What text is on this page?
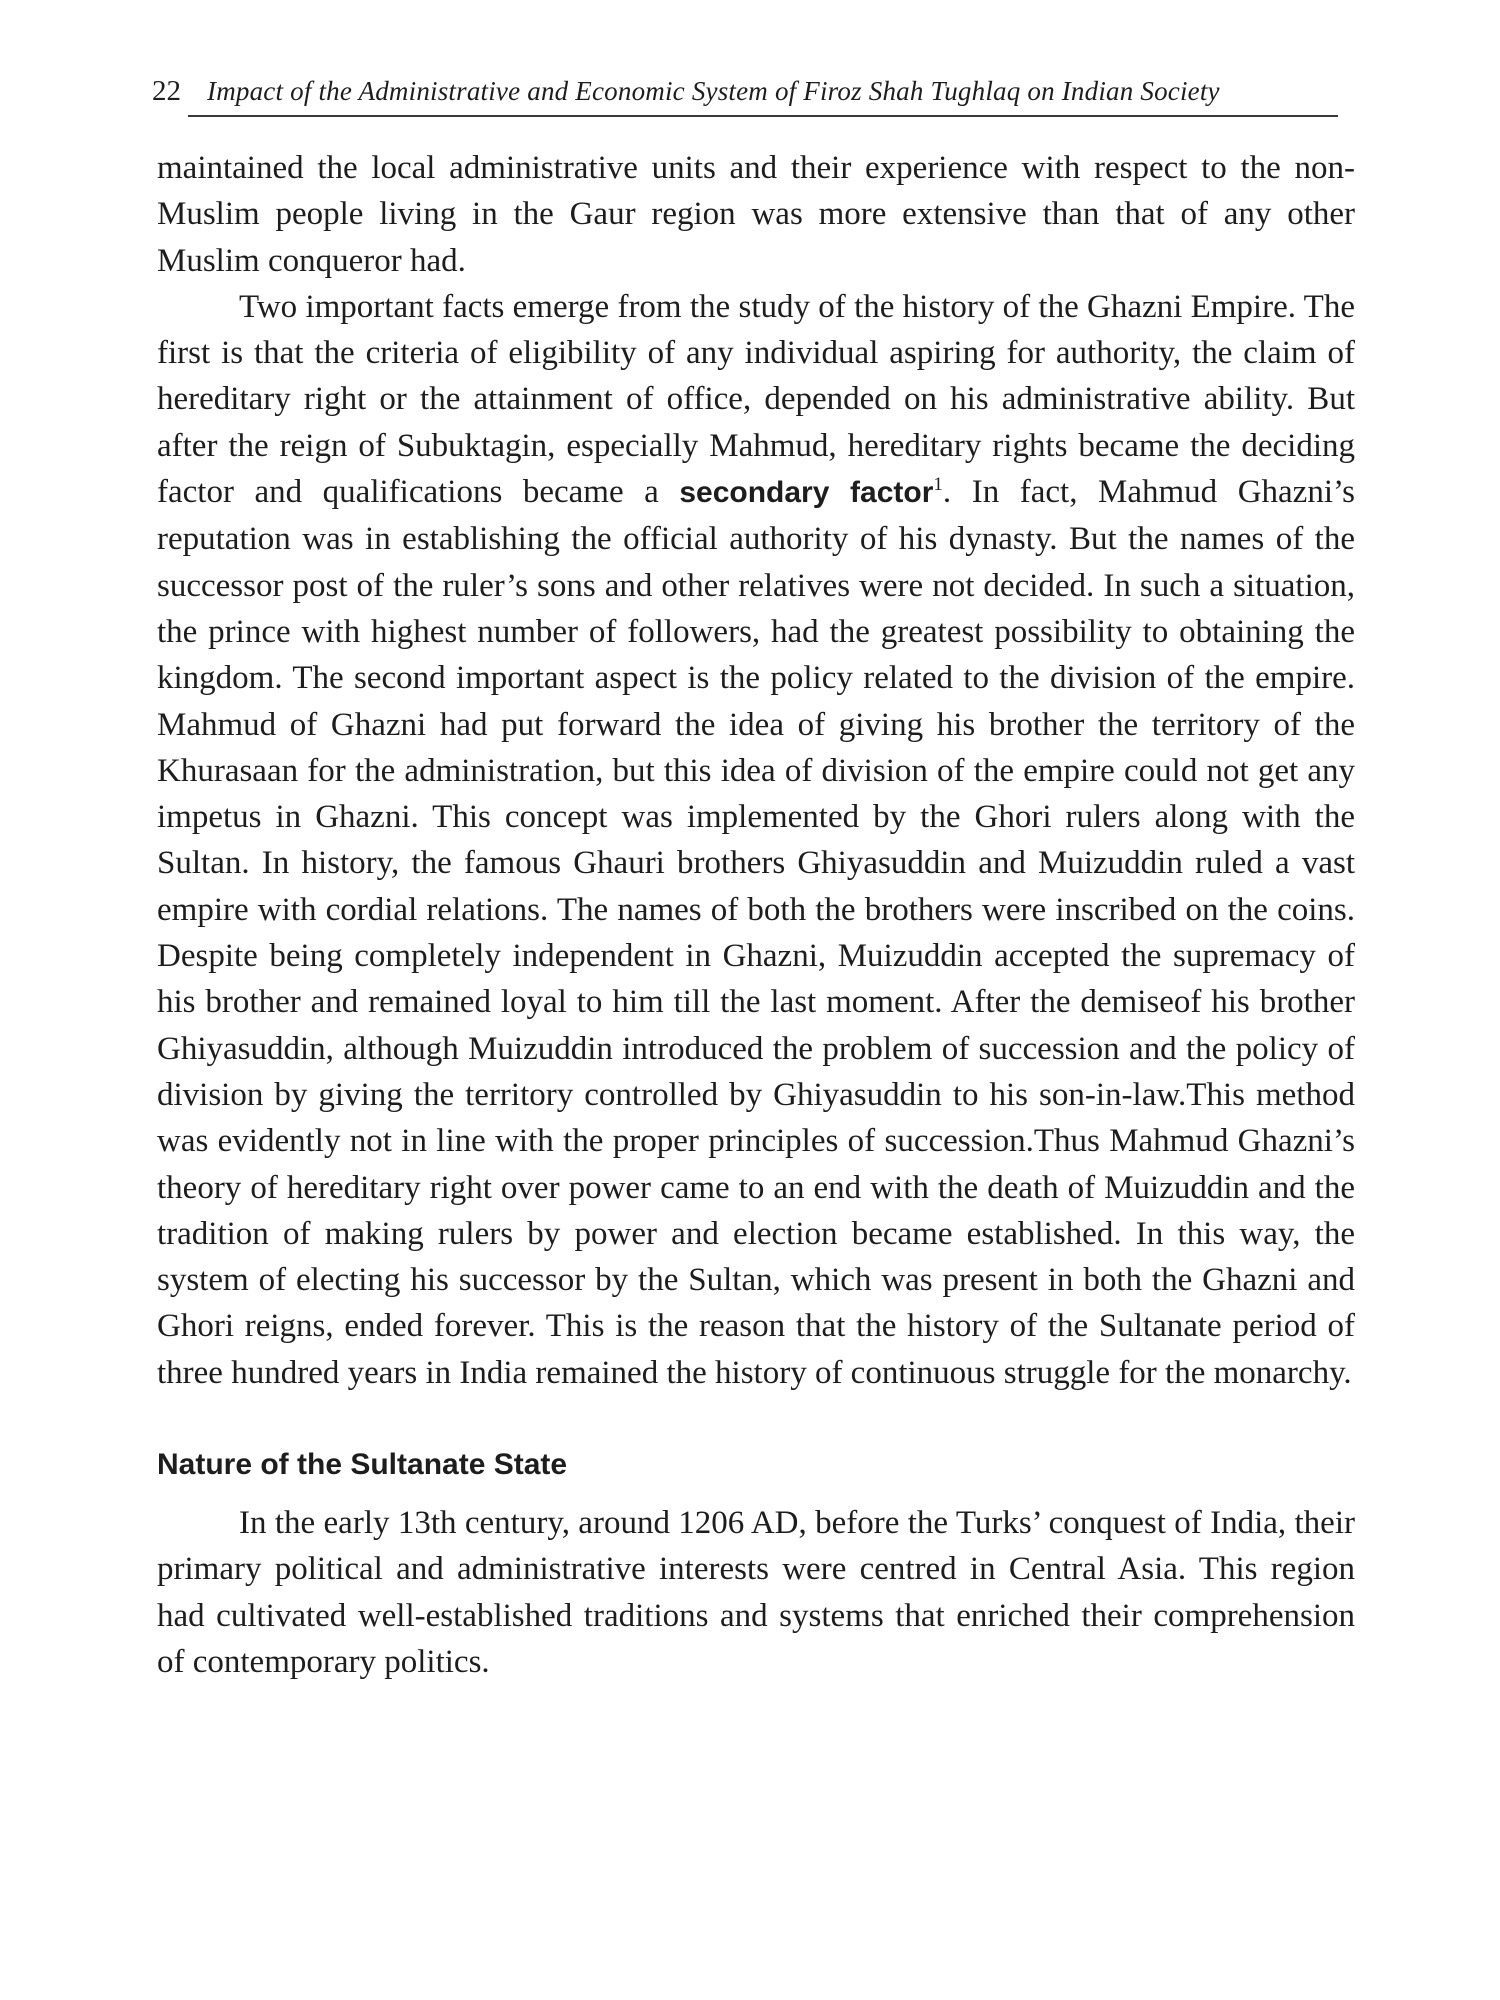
22 Impact of the Administrative and Economic System of Firoz Shah Tughlaq on Indian Society

maintained the local administrative units and their experience with respect to the non-Muslim people living in the Gaur region was more extensive than that of any other Muslim conqueror had.

Two important facts emerge from the study of the history of the Ghazni Empire. The first is that the criteria of eligibility of any individual aspiring for authority, the claim of hereditary right or the attainment of office, depended on his administrative ability. But after the reign of Subuktagin, especially Mahmud, hereditary rights became the deciding factor and qualifications became a secondary factor$^1$. In fact, Mahmud Ghazni’s reputation was in establishing the official authority of his dynasty. But the names of the successor post of the ruler’s sons and other relatives were not decided. In such a situation, the prince with highest number of followers, had the greatest possibility to obtaining the kingdom. The second important aspect is the policy related to the division of the empire. Mahmud of Ghazni had put forward the idea of giving his brother the territory of the Khurasaan for the administration, but this idea of division of the empire could not get any impetus in Ghazni. This concept was implemented by the Ghori rulers along with the Sultan. In history, the famous Ghauri brothers Ghiyasuddin and Muizuddin ruled a vast empire with cordial relations. The names of both the brothers were inscribed on the coins. Despite being completely independent in Ghazni, Muizuddin accepted the supremacy of his brother and remained loyal to him till the last moment. After the demiseof his brother Ghiyasuddin, although Muizuddin introduced the problem of succession and the policy of division by giving the territory controlled by Ghiyasuddin to his son-in-law.This method was evidently not in line with the proper principles of succession.Thus Mahmud Ghazni’s theory of hereditary right over power came to an end with the death of Muizuddin and the tradition of making rulers by power and election became established. In this way, the system of electing his successor by the Sultan, which was present in both the Ghazni and Ghori reigns, ended forever. This is the reason that the history of the Sultanate period of three hundred years in India remained the history of continuous struggle for the monarchy.

Nature of the Sultanate State

In the early 13th century, around 1206 AD, before the Turks’ conquest of India, their primary political and administrative interests were centred in Central Asia. This region had cultivated well-established traditions and systems that enriched their comprehension of contemporary politics.
